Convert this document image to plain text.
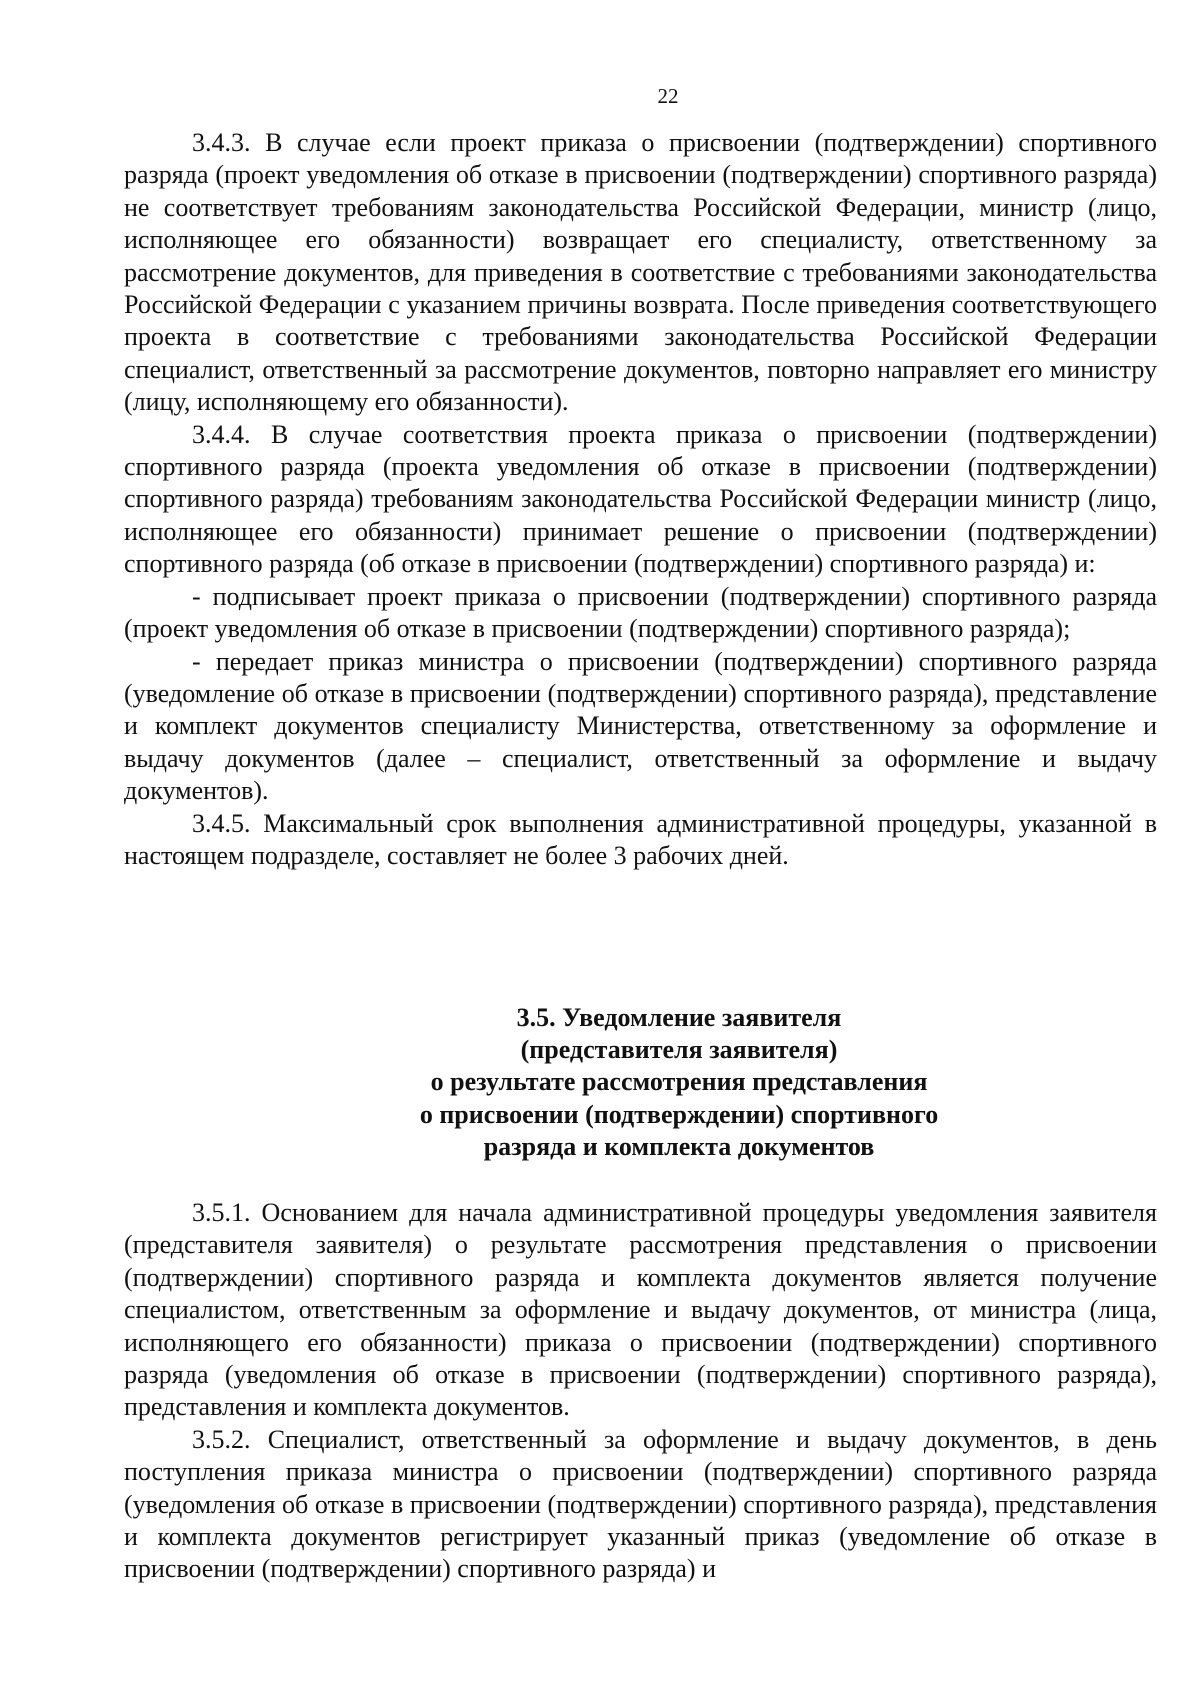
22

3.4.3. В случае если проект приказа о присвоении (подтверждении) спортивного разряда (проект уведомления об отказе в присвоении (подтверждении) спортивного разряда) не соответствует требованиям законодательства Российской Федерации, министр (лицо, исполняющее его обязанности) возвращает его специалисту, ответственному за рассмотрение документов, для приведения в соответствие с требованиями законодательства Российской Федерации с указанием причины возврата. После приведения соответствующего проекта в соответствие с требованиями законодательства Российской Федерации специалист, ответственный за рассмотрение документов, повторно направляет его министру (лицу, исполняющему его обязанности).

3.4.4. В случае соответствия проекта приказа о присвоении (подтверждении) спортивного разряда (проекта уведомления об отказе в присвоении (подтверждении) спортивного разряда) требованиям законодательства Российской Федерации министр (лицо, исполняющее его обязанности) принимает решение о присвоении (подтверждении) спортивного разряда (об отказе в присвоении (подтверждении) спортивного разряда) и:

- подписывает проект приказа о присвоении (подтверждении) спортивного разряда (проект уведомления об отказе в присвоении (подтверждении) спортивного разряда);

- передает приказ министра о присвоении (подтверждении) спортивного разряда (уведомление об отказе в присвоении (подтверждении) спортивного разряда), представление и комплект документов специалисту Министерства, ответственному за оформление и выдачу документов (далее – специалист, ответственный за оформление и выдачу документов).

3.4.5. Максимальный срок выполнения административной процедуры, указанной в настоящем подразделе, составляет не более 3 рабочих дней.

3.5. Уведомление заявителя
(представителя заявителя)
о результате рассмотрения представления
о присвоении (подтверждении) спортивного
разряда и комплекта документов

3.5.1. Основанием для начала административной процедуры уведомления заявителя (представителя заявителя) о результате рассмотрения представления о присвоении (подтверждении) спортивного разряда и комплекта документов является получение специалистом, ответственным за оформление и выдачу документов, от министра (лица, исполняющего его обязанности) приказа о присвоении (подтверждении) спортивного разряда (уведомления об отказе в присвоении (подтверждении) спортивного разряда), представления и комплекта документов.

3.5.2. Специалист, ответственный за оформление и выдачу документов, в день поступления приказа министра о присвоении (подтверждении) спортивного разряда (уведомления об отказе в присвоении (подтверждении) спортивного разряда), представления и комплекта документов регистрирует указанный приказ (уведомление об отказе в присвоении (подтверждении) спортивного разряда) и
